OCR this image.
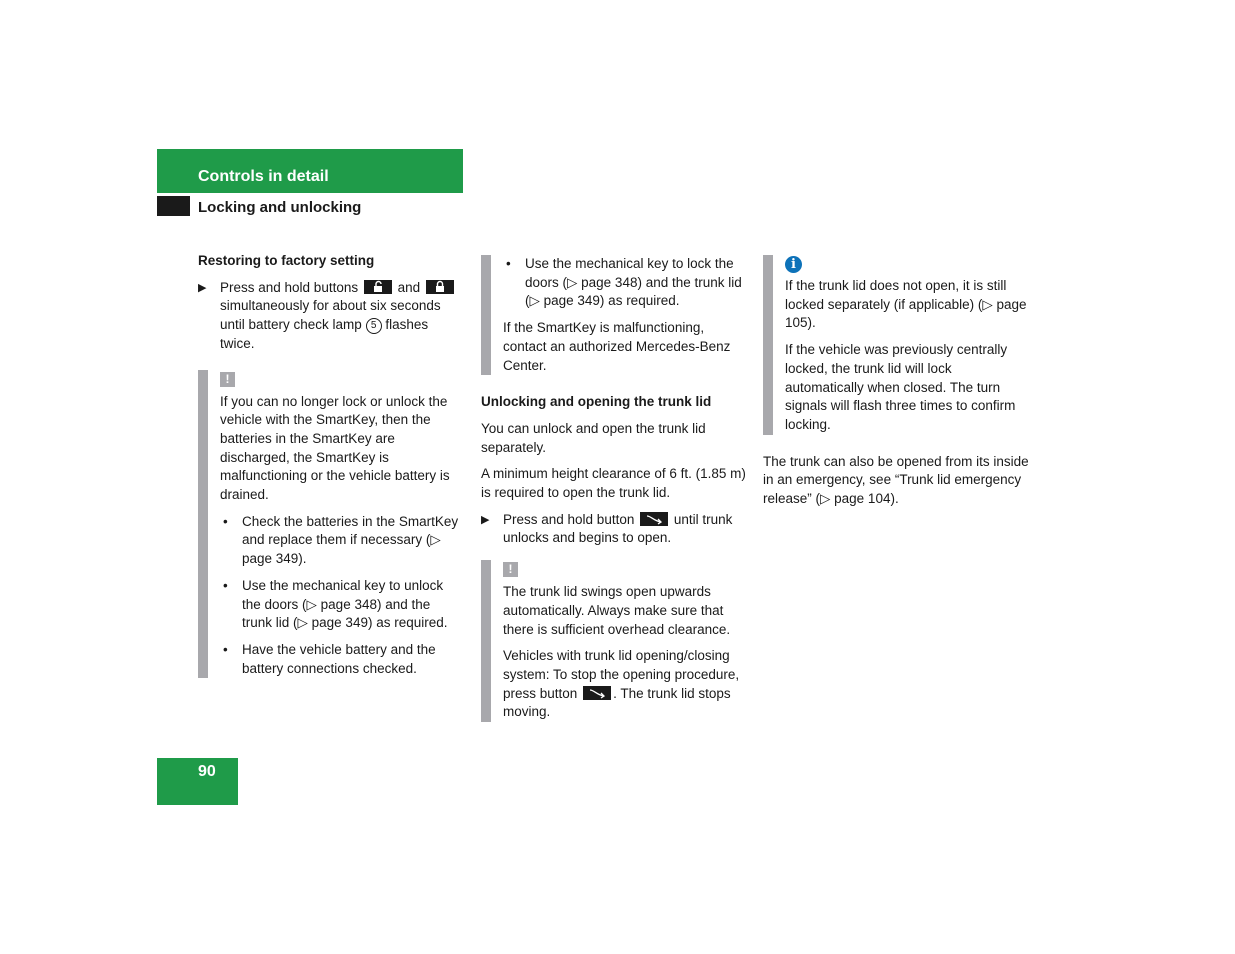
Controls in detail
Locking and unlocking
Restoring to factory setting
▶ Press and hold buttons	and
simultaneously for about six seconds until battery check lamp 5 flashes twice.
!

If you can no longer lock or unlock the vehicle with the SmartKey, then the batteries in the SmartKey are discharged, the SmartKey is malfunctioning or the vehicle battery is drained.

• Check the batteries in the SmartKey and replace them if necessary (▷ page 349).
• Use the mechanical key to unlock the doors (▷ page 348) and the trunk lid (▷ page 349) as required.
• Have the vehicle battery and the battery connections checked.
• Use the mechanical key to lock the doors (▷ page 348) and the trunk lid (▷ page 349) as required.

If the SmartKey is malfunctioning, contact an authorized Mercedes-Benz Center.

Unlocking and opening the trunk lid

You can unlock and open the trunk lid separately.

A minimum height clearance of 6 ft. (1.85 m) is required to open the trunk lid.

▶ Press and hold button	until trunk unlocks and begins to open.
!

The trunk lid swings open upwards automatically. Always make sure that there is sufficient overhead clearance.

Vehicles with trunk lid opening/closing system: To stop the opening procedure, press button	. The trunk lid stops moving.

i

If the trunk lid does not open, it is still locked separately (if applicable) (▷ page 105).

If the vehicle was previously centrally locked, the trunk lid will lock automatically when closed. The turn signals will flash three times to confirm locking.

The trunk can also be opened from its inside in an emergency, see “Trunk lid emergency release” (▷ page 104).

90
